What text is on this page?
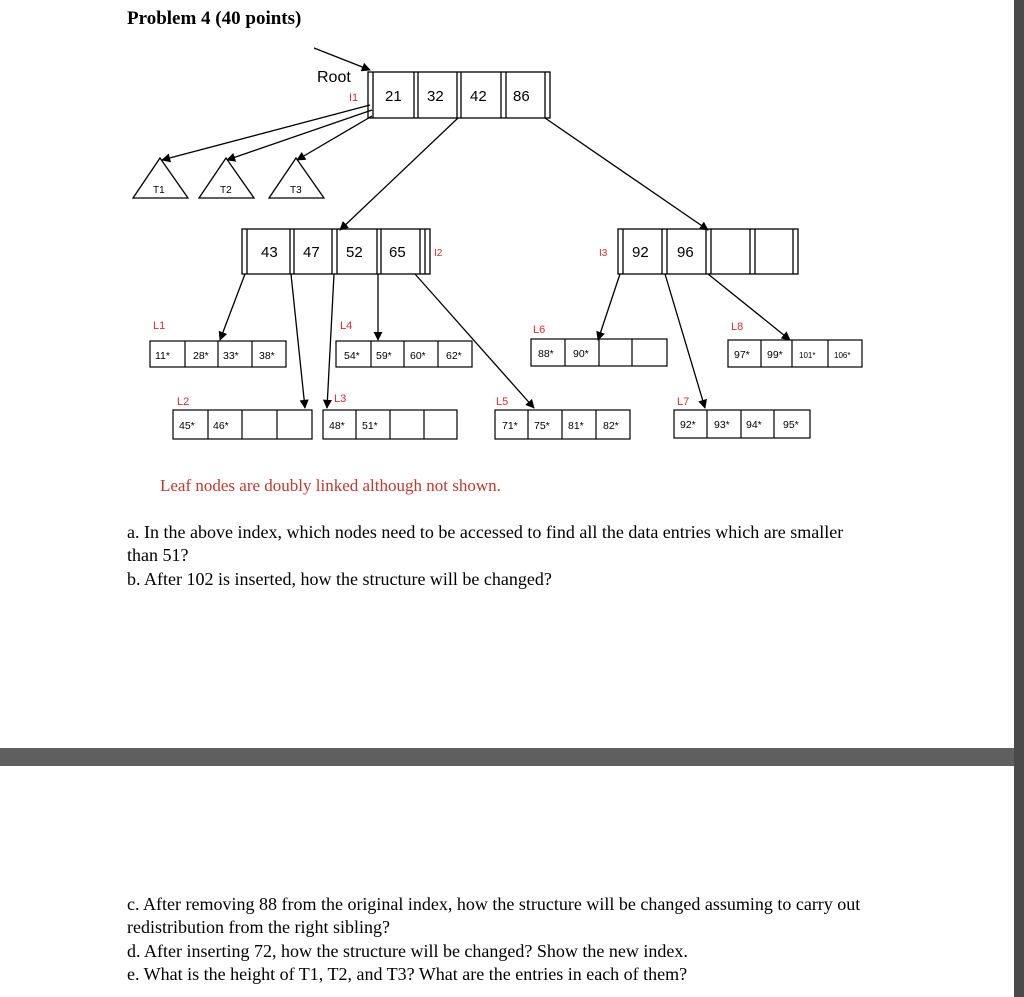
Problem 4 (40 points)
Root
I1 21 32 42 86
T1	T2	T3
43 47 52 65	I2	I3 92 96
L1	L4	L6	L8
L2	L3	L5	L7
11* 28* 33* 38*	54* 59* 60* 62*	88* 90*	97* 99* 101* 106*
45* 46*	48* 51*	71* 75* 81* 82*	92* 93* 94* 95*
Leaf nodes are doubly linked although not shown.
a. In the above index, which nodes need to be accessed to find all the data entries which are smaller than 51?
b. After 102 is inserted, how the structure will be changed?
c. After removing 88 from the original index, how the structure will be changed assuming to carry out redistribution from the right sibling?
d. After inserting 72, how the structure will be changed? Show the new index.
e. What is the height of T1, T2, and T3? What are the entries in each of them?
